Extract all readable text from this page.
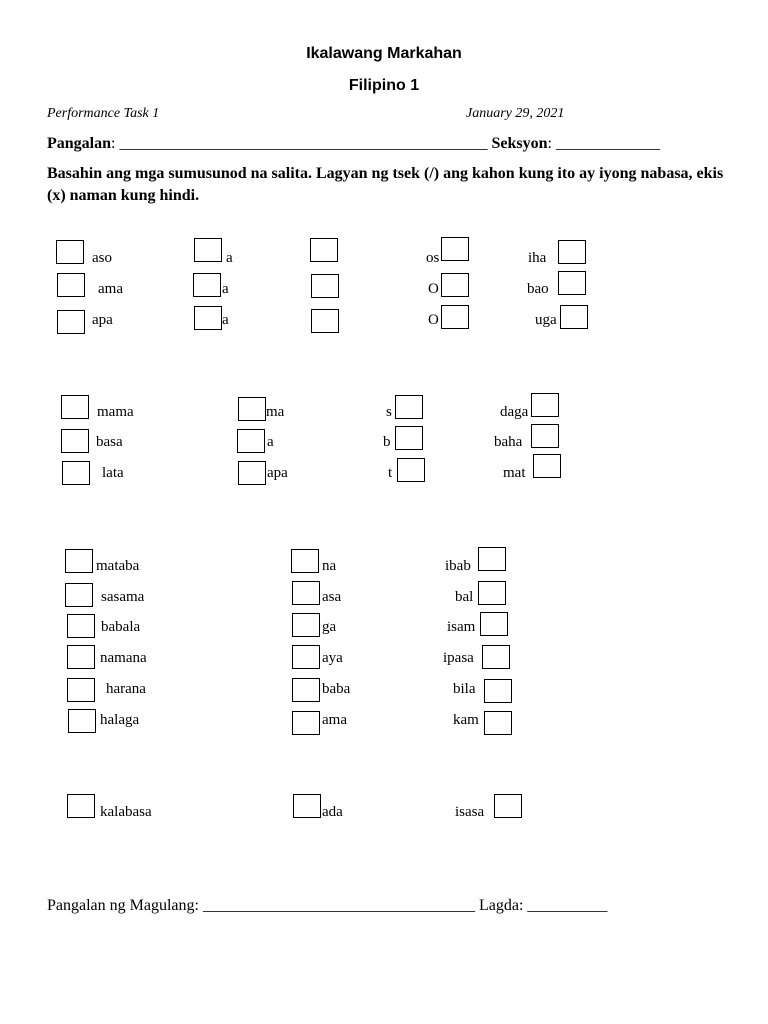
Ikalawang Markahan
Filipino 1
Performance Task 1	January 29, 2021
Pangalan: ______________________________________________ Seksyon: _____________
Basahin ang mga sumusunod na salita. Lagyan ng tsek (/) ang kahon kung ito ay iyong nabasa, ekis (x) naman kung hindi.
aso	a	os	iha
ama	a	O	bao
apa	a	O	uga
mama	ma	s	daga
basa	a	b	baha
lata	apa	t	mat
mataba	na	ibab
sasama	asa	bal
babala	ga	isam
namana	aya	ipasa
harana	baba	bila
halaga	ama	kam
kalabasa	ada	isasa
Pangalan ng Magulang: __________________________________ Lagda: __________
